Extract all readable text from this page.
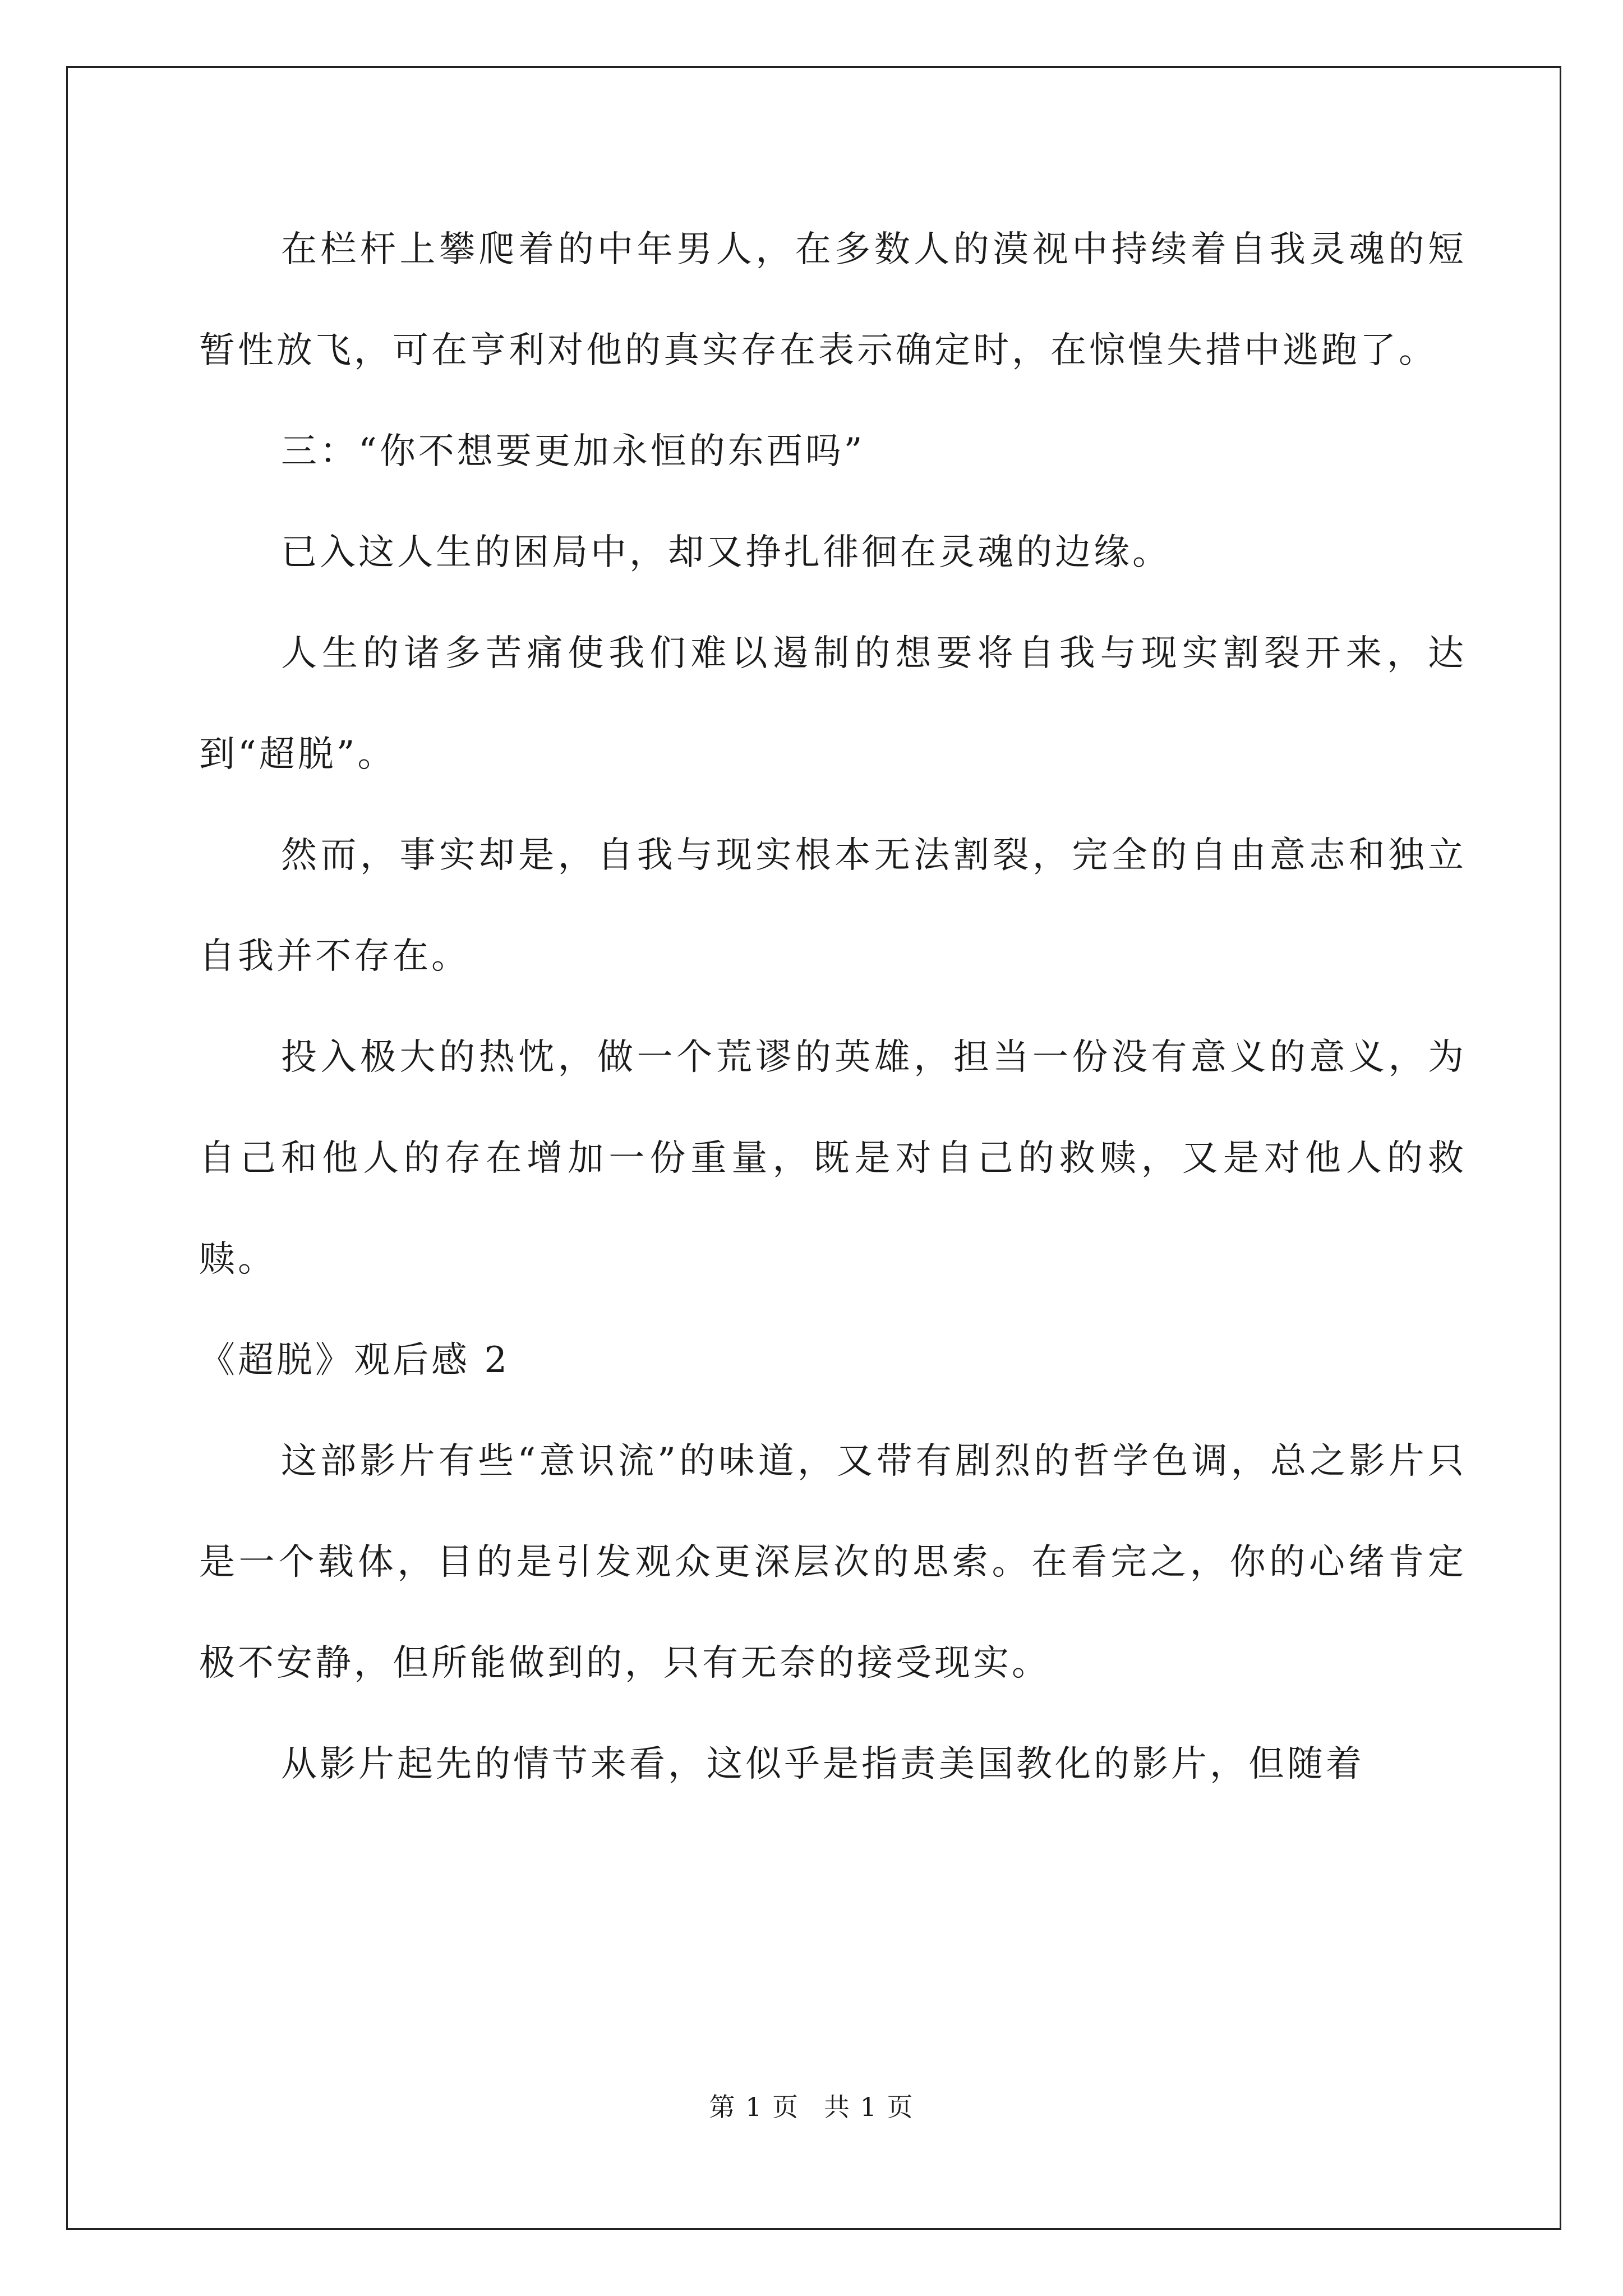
在栏杆上攀爬着的中年男人，在多数人的漠视中持续着自我灵魂的短暂性放飞，可在亨利对他的真实存在表示确定时，在惊惶失措中逃跑了。

三：“你不想要更加永恒的东西吗”

已入这人生的困局中，却又挣扎徘徊在灵魂的边缘。

人生的诸多苦痛使我们难以遏制的想要将自我与现实割裂开来，达到“超脱”。

然而，事实却是，自我与现实根本无法割裂，完全的自由意志和独立自我并不存在。

投入极大的热忱，做一个荒谬的英雄，担当一份没有意义的意义，为自己和他人的存在增加一份重量，既是对自己的救赎，又是对他人的救赎。

《超脱》观后感 2

这部影片有些“意识流”的味道，又带有剧烈的哲学色调，总之影片只是一个载体，目的是引发观众更深层次的思索。在看完之，你的心绪肯定极不安静，但所能做到的，只有无奈的接受现实。

从影片起先的情节来看，这似乎是指责美国教化的影片，但随着

第 1 页 共 1 页
